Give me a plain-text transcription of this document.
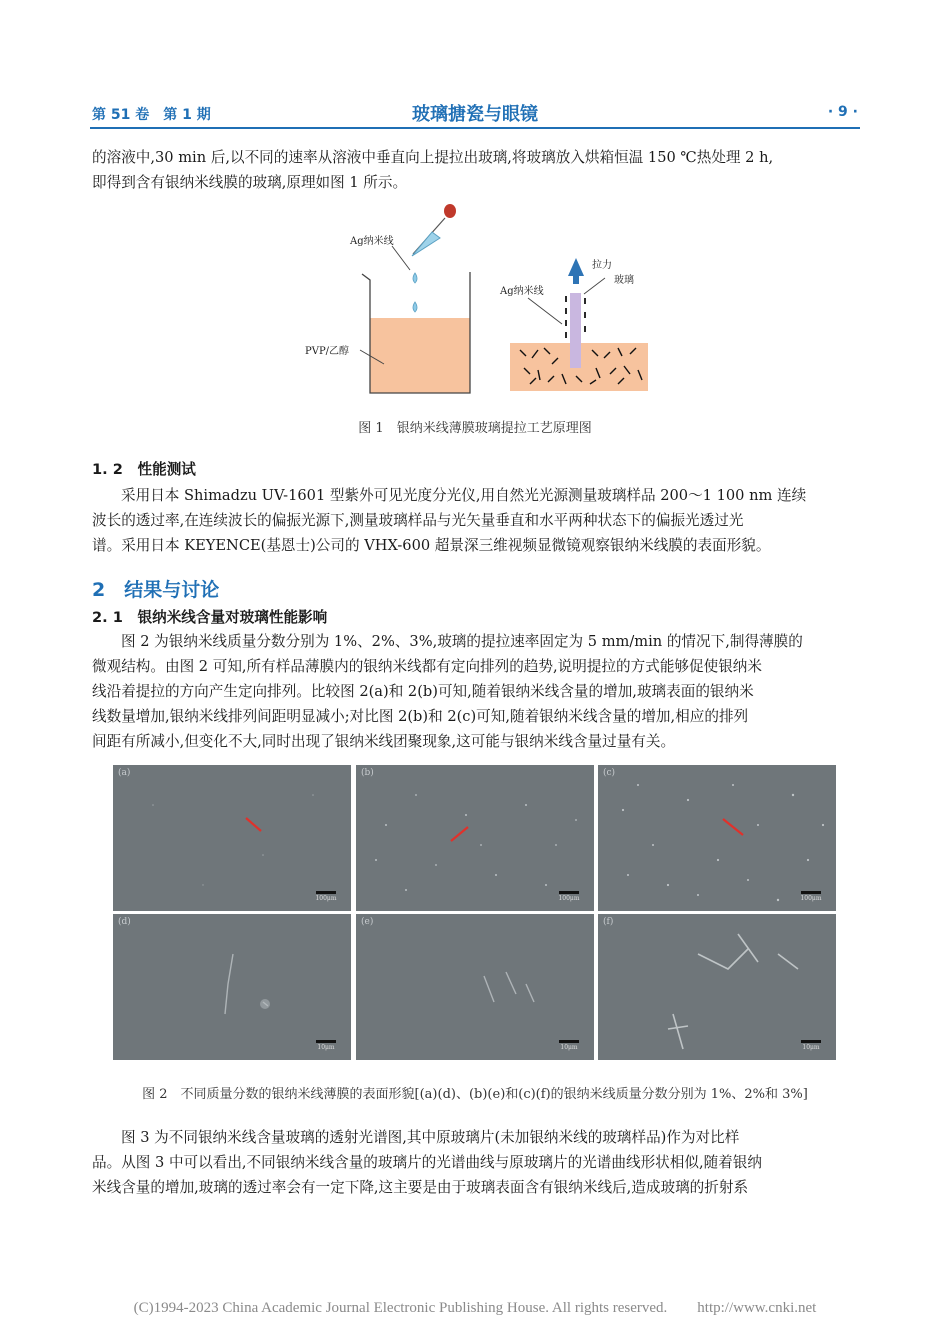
第 51 卷　第 1 期	玻璃搪瓷与眼镜	· 9 ·
的溶液中,30 min 后,以不同的速率从溶液中垂直向上提拉出玻璃,将玻璃放入烘箱恒温 150 ℃热处理 2 h,
即得到含有银纳米线膜的玻璃,原理如图 1 所示。
Ag纳米线
PVP/乙醇
拉力
Ag纳米线
玻璃
图 1　银纳米线薄膜玻璃提拉工艺原理图
1. 2　性能测试
采用日本 Shimadzu UV-1601 型紫外可见光度分光仪,用自然光光源测量玻璃样品 200～1 100 nm 连续
波长的透过率,在连续波长的偏振光源下,测量玻璃样品与光矢量垂直和水平两种状态下的偏振光透过光
谱。采用日本 KEYENCE(基恩士)公司的 VHX-600 超景深三维视频显微镜观察银纳米线膜的表面形貌。
2　结果与讨论
2. 1　银纳米线含量对玻璃性能影响
图 2 为银纳米线质量分数分别为 1%、2%、3%,玻璃的提拉速率固定为 5 mm/min 的情况下,制得薄膜的
微观结构。由图 2 可知,所有样品薄膜内的银纳米线都有定向排列的趋势,说明提拉的方式能够促使银纳米
线沿着提拉的方向产生定向排列。比较图 2(a)和 2(b)可知,随着银纳米线含量的增加,玻璃表面的银纳米
线数量增加,银纳米线排列间距明显减小;对比图 2(b)和 2(c)可知,随着银纳米线含量的增加,相应的排列
间距有所减小,但变化不大,同时出现了银纳米线团聚现象,这可能与银纳米线含量过量有关。
(a)
100μm
(b)
100μm
(c)
100μm
(d)
10μm
(e)
10μm
(f)
10μm
图 2　不同质量分数的银纳米线薄膜的表面形貌[(a)(d)、(b)(e)和(c)(f)的银纳米线质量分数分别为 1%、2%和 3%]
图 3 为不同银纳米线含量玻璃的透射光谱图,其中原玻璃片(未加银纳米线的玻璃样品)作为对比样
品。从图 3 中可以看出,不同银纳米线含量的玻璃片的光谱曲线与原玻璃片的光谱曲线形状相似,随着银纳
米线含量的增加,玻璃的透过率会有一定下降,这主要是由于玻璃表面含有银纳米线后,造成玻璃的折射系
(C)1994-2023 China Academic Journal Electronic Publishing House. All rights reserved.　　http://www.cnki.net
